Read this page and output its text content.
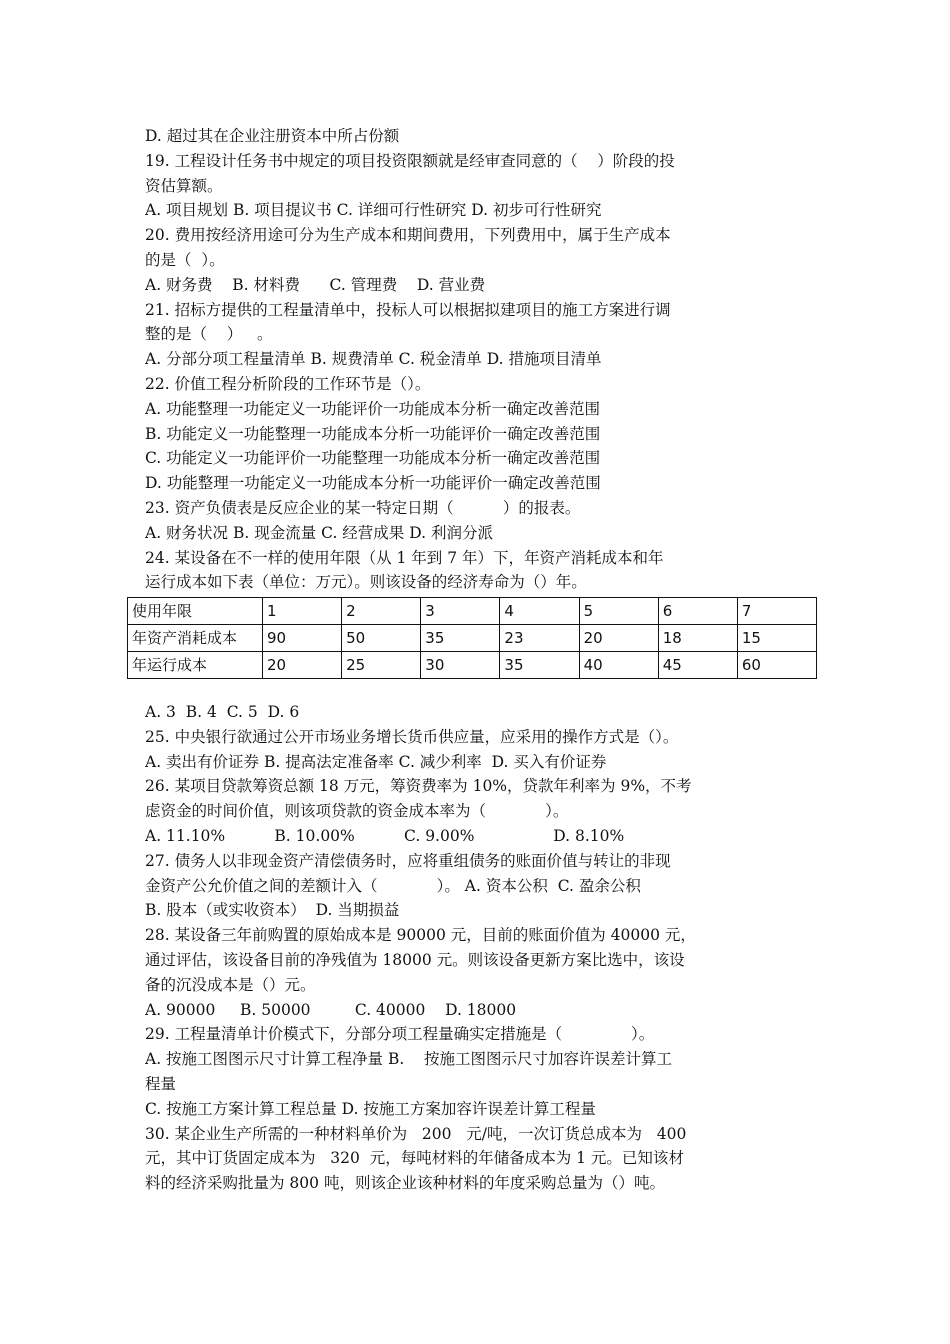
D. 超过其在企业注册资本中所占份额
19. 工程设计任务书中规定的项目投资限额就是经审查同意的（    ）阶段的投
资估算额。
A. 项目规划 B. 项目提议书 C. 详细可行性研究 D. 初步可行性研究
20. 费用按经济用途可分为生产成本和期间费用，下列费用中，属于生产成本
的是（  ）。
A. 财务费    B. 材料费      C. 管理费    D. 营业费
21. 招标方提供的工程量清单中，投标人可以根据拟建项目的施工方案进行调
整的是（    ）   。
A. 分部分项工程量清单 B. 规费清单 C. 税金清单 D. 措施项目清单
22. 价值工程分析阶段的工作环节是（）。
A. 功能整理一功能定义一功能评价一功能成本分析一确定改善范围
B. 功能定义一功能整理一功能成本分析一功能评价一确定改善范围
C. 功能定义一功能评价一功能整理一功能成本分析一确定改善范围
D. 功能整理一功能定义一功能成本分析一功能评价一确定改善范围
23. 资产负债表是反应企业的某一特定日期（          ）的报表。
A. 财务状况 B. 现金流量 C. 经营成果 D. 利润分派
24. 某设备在不一样的使用年限（从 1 年到 7 年）下，年资产消耗成本和年
运行成本如下表（单位：万元）。则该设备的经济寿命为（）年。
使用年限	1	2	3	4	5	6	7
年资产消耗成本	90	50	35	23	20	18	15
年运行成本	20	25	30	35	40	45	60
A. 3  B. 4  C. 5  D. 6
25. 中央银行欲通过公开市场业务增长货币供应量，应采用的操作方式是（）。
A. 卖出有价证券 B. 提高法定准备率 C. 减少利率  D. 买入有价证券
26. 某项目贷款筹资总额 18 万元，筹资费率为 10%，贷款年利率为 9%，不考
虑资金的时间价值，则该项贷款的资金成本率为（            ）。
A. 11.10%          B. 10.00%          C. 9.00%                D. 8.10%
27. 债务人以非现金资产清偿债务时，应将重组债务的账面价值与转让的非现
金资产公允价值之间的差额计入（            ）。 A. 资本公积  C. 盈余公积
B. 股本（或实收资本）  D. 当期损益
28. 某设备三年前购置的原始成本是 90000 元，目前的账面价值为 40000 元，
通过评估，该设备目前的净残值为 18000 元。则该设备更新方案比选中，该设
备的沉没成本是（）元。
A. 90000     B. 50000         C. 40000    D. 18000
29. 工程量清单计价模式下，分部分项工程量确实定措施是（              ）。
A. 按施工图图示尺寸计算工程净量 B.    按施工图图示尺寸加容许误差计算工
程量
C. 按施工方案计算工程总量 D. 按施工方案加容许误差计算工程量
30. 某企业生产所需的一种材料单价为   200   元/吨，一次订货总成本为   400
元，其中订货固定成本为   320  元，每吨材料的年储备成本为 1 元。已知该材
料的经济采购批量为 800 吨，则该企业该种材料的年度采购总量为（）吨。
